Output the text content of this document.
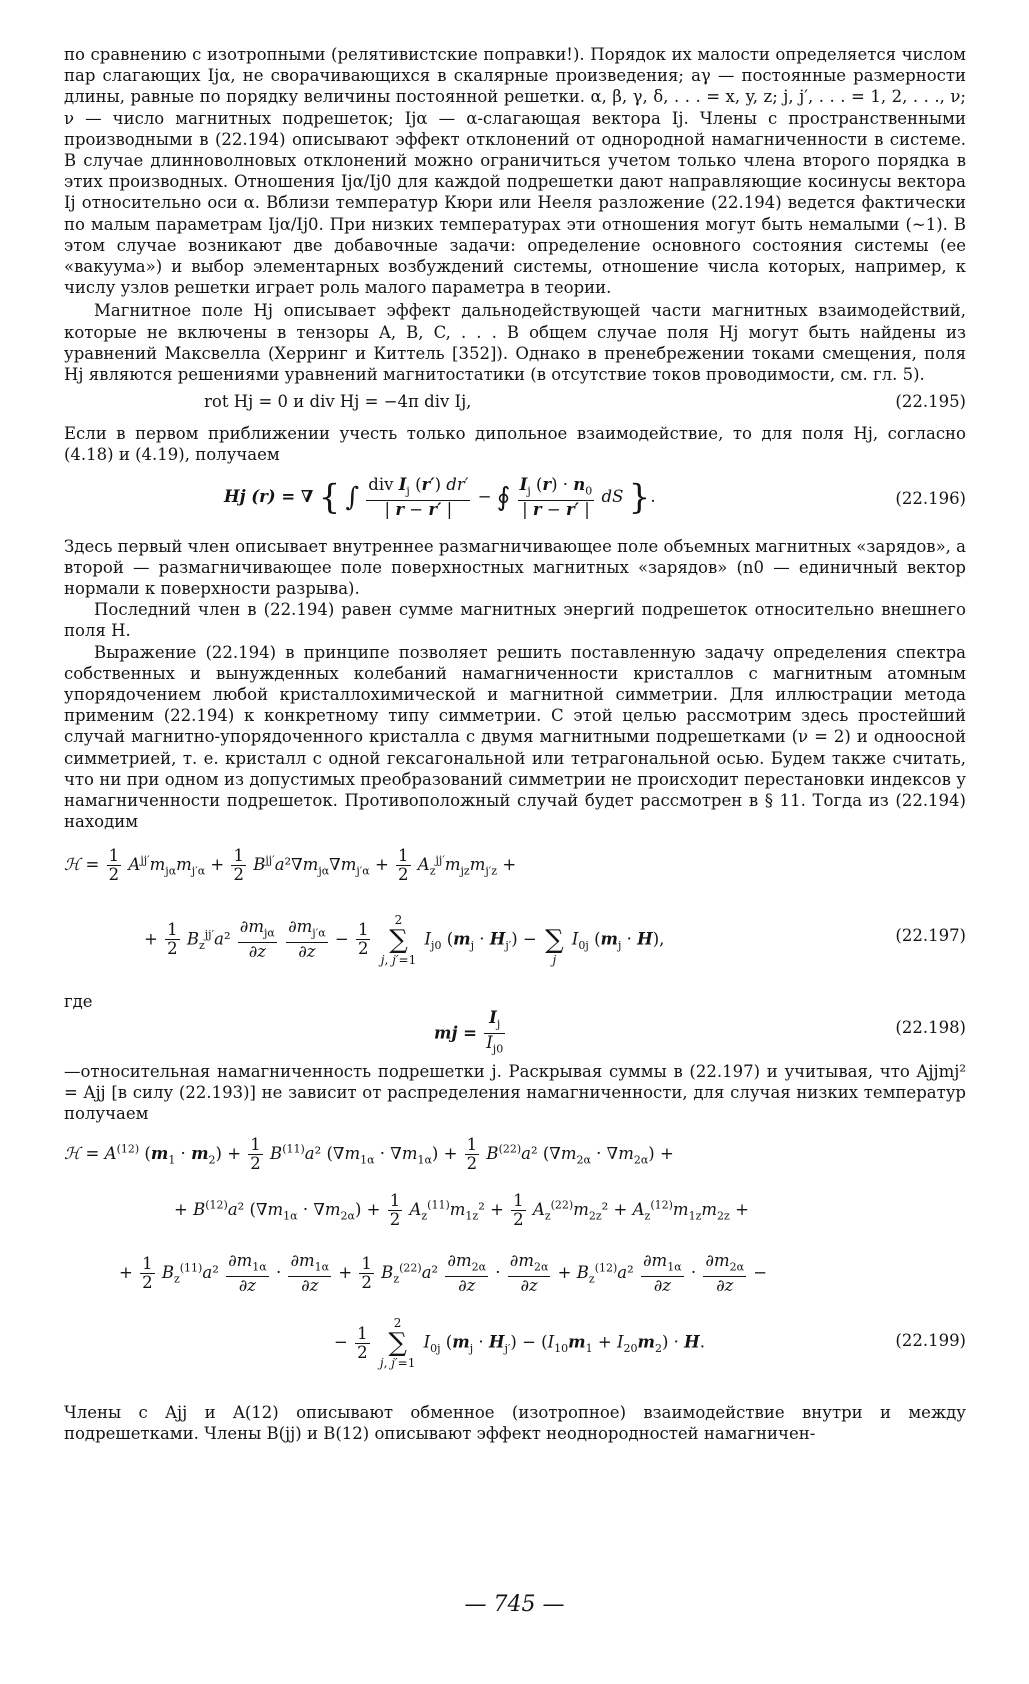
по сравнению с изотропными (релятивистские поправки!). Порядок их малости определяется числом пар слагающих Ijα, не сворачивающихся в скалярные произведения; aγ — постоянные размерности длины, равные по порядку величины постоянной решетки. α, β, γ, δ, . . . = x, y, z; j, j′, . . . = 1, 2, . . ., ν; ν — число магнитных подрешеток; Ijα — α-слагающая вектора Ij. Члены с пространственными производными в (22.194) описывают эффект отклонений от однородной намагниченности в системе. В случае длинноволновых отклонений можно ограничиться учетом только члена второго порядка в этих производных. Отношения Ijα/Ij0 для каждой подрешетки дают направляющие косинусы вектора Ij относительно оси α. Вблизи температур Кюри или Нееля разложение (22.194) ведется фактически по малым параметрам Ijα/Ij0. При низких температурах эти отношения могут быть немалыми (~1). В этом случае возникают две добавочные задачи: определение основного состояния системы (ее «вакуума») и выбор элементарных возбуждений системы, отношение числа которых, например, к числу узлов решетки играет роль малого параметра в теории.

Магнитное поле Hj описывает эффект дальнодействующей части магнитных взаимодействий, которые не включены в тензоры A, B, C, . . . В общем случае поля Hj могут быть найдены из уравнений Максвелла (Херринг и Киттель [352]). Однако в пренебрежении токами смещения, поля Hj являются решениями уравнений магнитостатики (в отсутствие токов проводимости, см. гл. 5).

rot Hj = 0 и div Hj = −4π div Ij,	(22.195)

Если в первом приближении учесть только дипольное взаимодействие, то для поля Hj, согласно (4.18) и (4.19), получаем

Hj (r) = ∇ { ∫ $\frac{div I_j (r') dr'}{| r - r' |}$ − ∮ $\frac{I_j (r) \cdot n_0}{| r - r' |}$ dS }.	(22.196)

Здесь первый член описывает внутреннее размагничивающее поле объемных магнитных «зарядов», а второй — размагничивающее поле поверхностных магнитных «зарядов» (n0 — единичный вектор нормали к поверхности разрыва).

Последний член в (22.194) равен сумме магнитных энергий подрешеток относительно внешнего поля H.

Выражение (22.194) в принципе позволяет решить поставленную задачу определения спектра собственных и вынужденных колебаний намагниченности кристаллов с магнитным атомным упорядочением любой кристаллохимической и магнитной симметрии. Для иллюстрации метода применим (22.194) к конкретному типу симметрии. С этой целью рассмотрим здесь простейший случай магнитно-упорядоченного кристалла с двумя магнитными подрешетками (ν = 2) и одноосной симметрией, т. е. кристалл с одной гексагональной или тетрагональной осью. Будем также считать, что ни при одном из допустимых преобразований симметрии не происходит перестановки индексов у намагниченности подрешеток. Противоположный случай будет рассмотрен в § 11. Тогда из (22.194) находим

ℋ = $\frac{1}{2} A^{jj'}m_{j\alpha}m_{j'\alpha} + \frac{1}{2} B^{jj'}a^2\nabla m_{j\alpha}\nabla m_{j'\alpha} + \frac{1}{2} A_z^{jj'}m_{jz}m_{j'z}$ +
+ $\frac{1}{2} B_z^{jj'}a^2 \frac{\partial m_{j\alpha}}{\partial z}$
$\frac{\partial m_{j'\alpha}}{\partial z} - \frac{1}{2}$

2
∑
j, j′=1
$I_{j0}$ $(m_j \cdot H_{j'})$ −
∑
j
$I_{0j}$ $(m_j \cdot H)$,	(22.197)
где
mj = $\frac{I_j}{I_{j0}}$	(22.198)

—относительная намагниченность подрешетки j. Раскрывая суммы в (22.197) и учитывая, что Ajjmj² = Ajj [в силу (22.193)] не зависит от распределения намагниченности, для случая низких температур получаем

ℋ = $A^{(12)}$ $(m_1 \cdot m_2) + \frac{1}{2} B^{(11)}a^2$ $(\nabla m_{1\alpha} \cdot \nabla m_{1\alpha}) + \frac{1}{2} B^{(22)}a^2$ $(\nabla m_{2\alpha} \cdot \nabla m_{2\alpha})$ +
+ $B^{(12)}a^2$ $(\nabla m_{1\alpha} \cdot \nabla m_{2\alpha}) + \frac{1}{2} A_z^{(11)}m_{1z}^2 + \frac{1}{2} A_z^{(22)}m_{2z}^2 + A_z^{(12)}m_{1z}m_{2z}$ +
+ $\frac{1}{2} B_z^{(11)}a^2 \frac{\partial m_{1\alpha}}{\partial z} \cdot \frac{\partial m_{1\alpha}}{\partial z} + \frac{1}{2} B_z^{(22)}a^2 \frac{\partial m_{2\alpha}}{\partial z} \cdot \frac{\partial m_{2\alpha}}{\partial z} + B_z^{(12)}a^2 \frac{\partial m_{1\alpha}}{\partial z} \cdot \frac{\partial m_{2\alpha}}{\partial z}$ −
− $\frac{1}{2}$

2
∑
j, j′=1
$I_{0j}$ $(m_j \cdot H_{j'}) - (I_{10}m_1 + I_{20}m_2) \cdot H$.	(22.199)

Члены с Ajj и A(12) описывают обменное (изотропное) взаимодействие внутри и между подрешетками. Члены B(jj) и B(12) описывают эффект неоднородностей намагничен-

— 745 —
